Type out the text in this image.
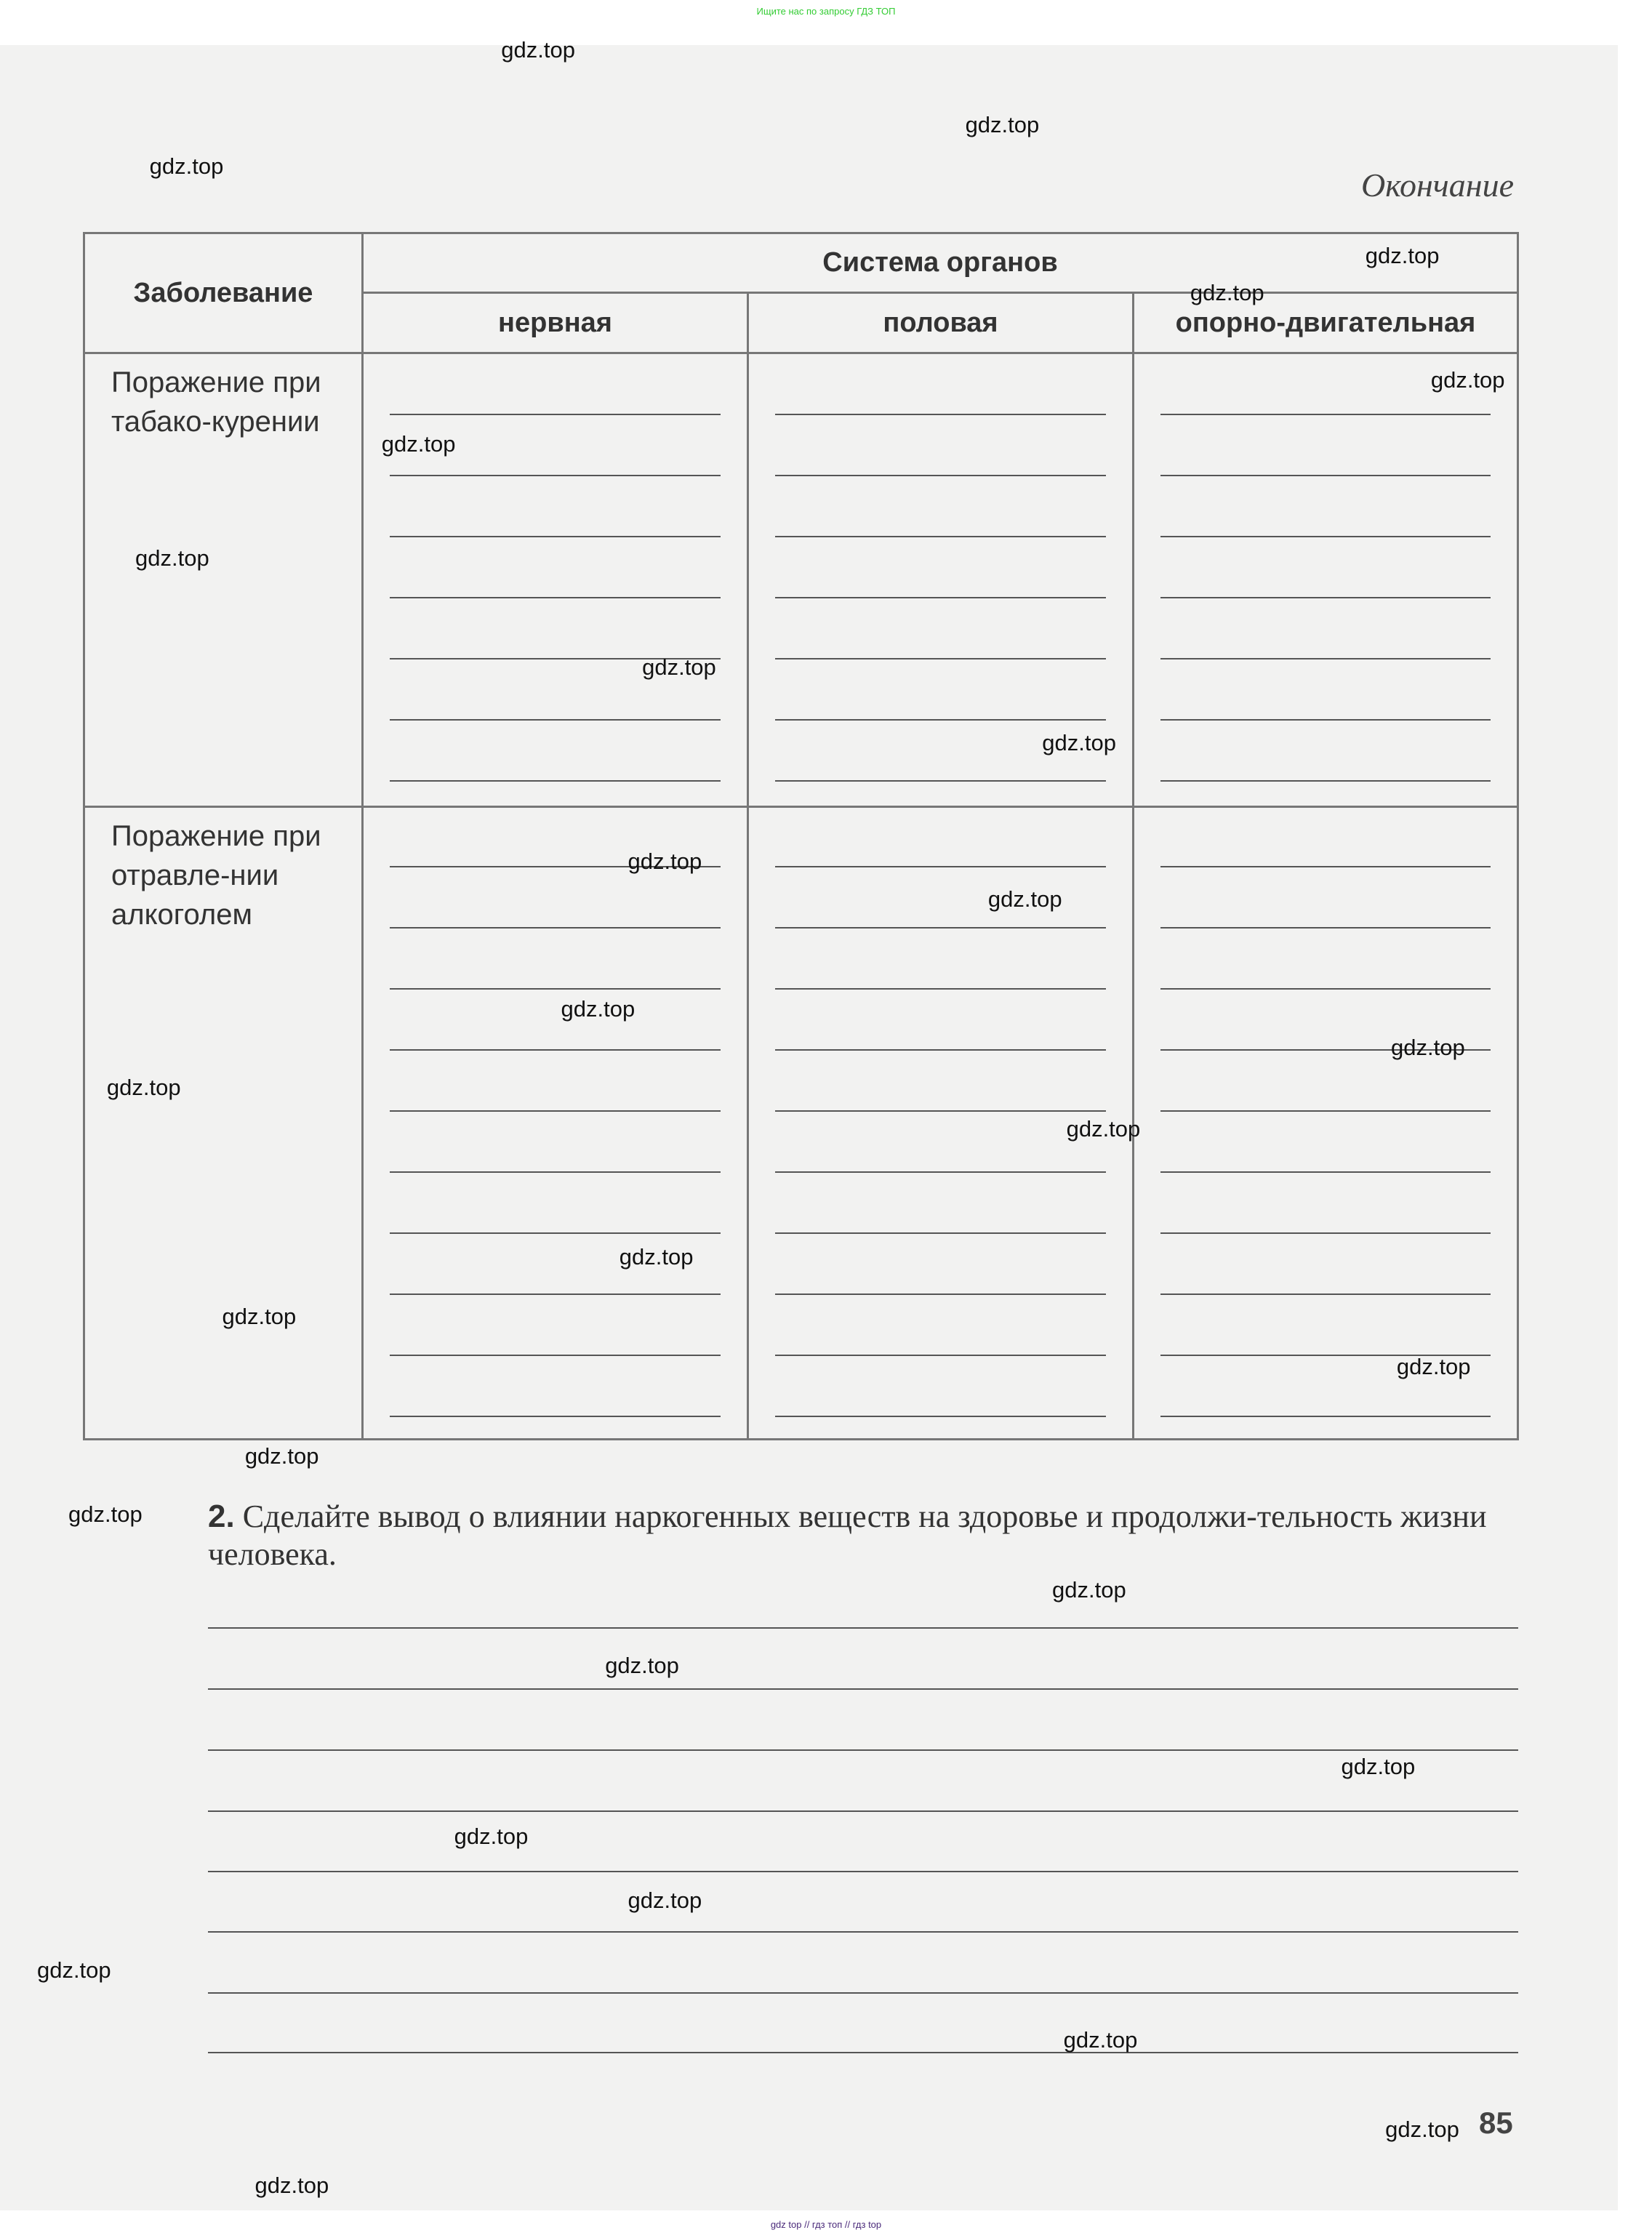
Ищите нас по запросу ГДЗ ТОП
Окончание
Заболевание	Система органов		
	нервная	половая	опорно-двигательная
Поражение при табако-курении	

Поражение при отравле-нии алкоголем	

2. Сделайте вывод о влиянии наркогенных веществ на здоровье и продолжи-тельность жизни человека.
85
gdz top // гдз топ // гдз top
gdz.top
gdz.top
gdz.top
gdz.top
gdz.top
gdz.top
gdz.top
gdz.top
gdz.top
gdz.top
gdz.top
gdz.top
gdz.top
gdz.top
gdz.top
gdz.top
gdz.top
gdz.top
gdz.top
gdz.top
gdz.top
gdz.top
gdz.top
gdz.top
gdz.top
gdz.top
gdz.top
gdz.top
gdz.top
gdz.top
